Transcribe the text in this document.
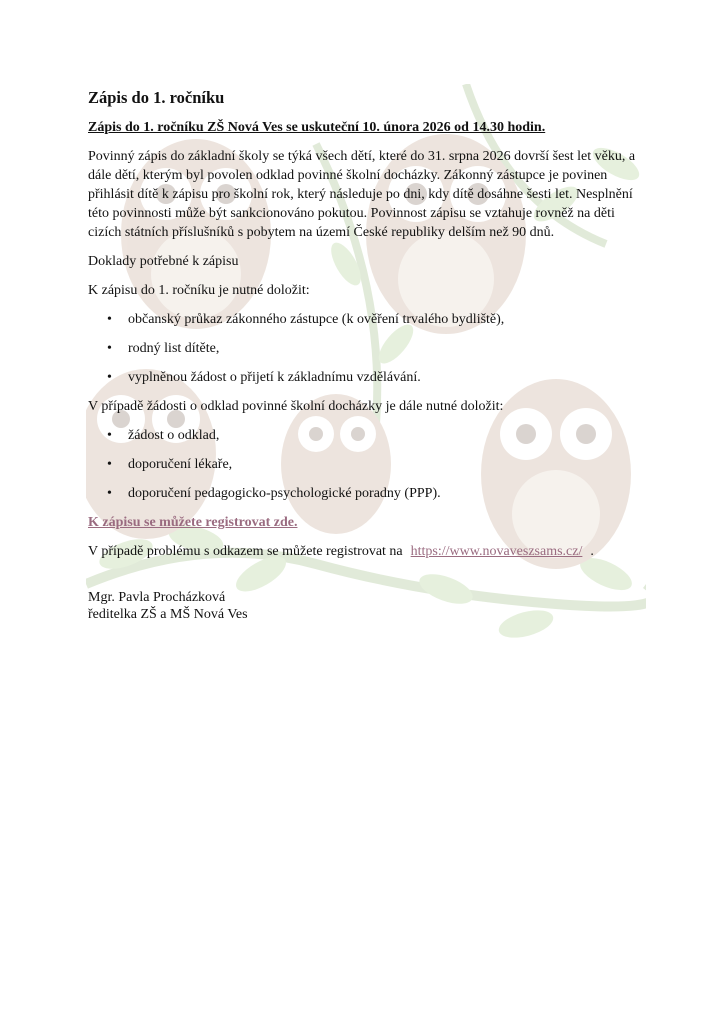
Zápis do 1. ročníku
Zápis do 1. ročníku ZŠ Nová Ves se uskuteční 10. února 2026 od 14.30 hodin.

Povinný zápis do základní školy se týká všech dětí, které do 31. srpna 2026 dovrší šest let věku, a dále dětí, kterým byl povolen odklad povinné školní docházky. Zákonný zástupce je povinen přihlásit dítě k zápisu pro školní rok, který následuje po dni, kdy dítě dosáhne šesti let. Nesplnění této povinnosti může být sankcionováno pokutou. Povinnost zápisu se vztahuje rovněž na děti cizích státních příslušníků s pobytem na území České republiky delším než 90 dnů.

Doklady potřebné k zápisu

K zápisu do 1. ročníku je nutné doložit:

• občanský průkaz zákonného zástupce (k ověření trvalého bydliště),
• rodný list dítěte,
• vyplněnou žádost o přijetí k základnímu vzdělávání.

V případě žádosti o odklad povinné školní docházky je dále nutné doložit:

• žádost o odklad,
• doporučení lékaře,
• doporučení pedagogicko-psychologické poradny (PPP).

K zápisu se můžete registrovat zde.

V případě problému s odkazem se můžete registrovat na https://www.novaveszsams.cz/ .

Mgr. Pavla Procházková
ředitelka ZŠ a MŠ Nová Ves
